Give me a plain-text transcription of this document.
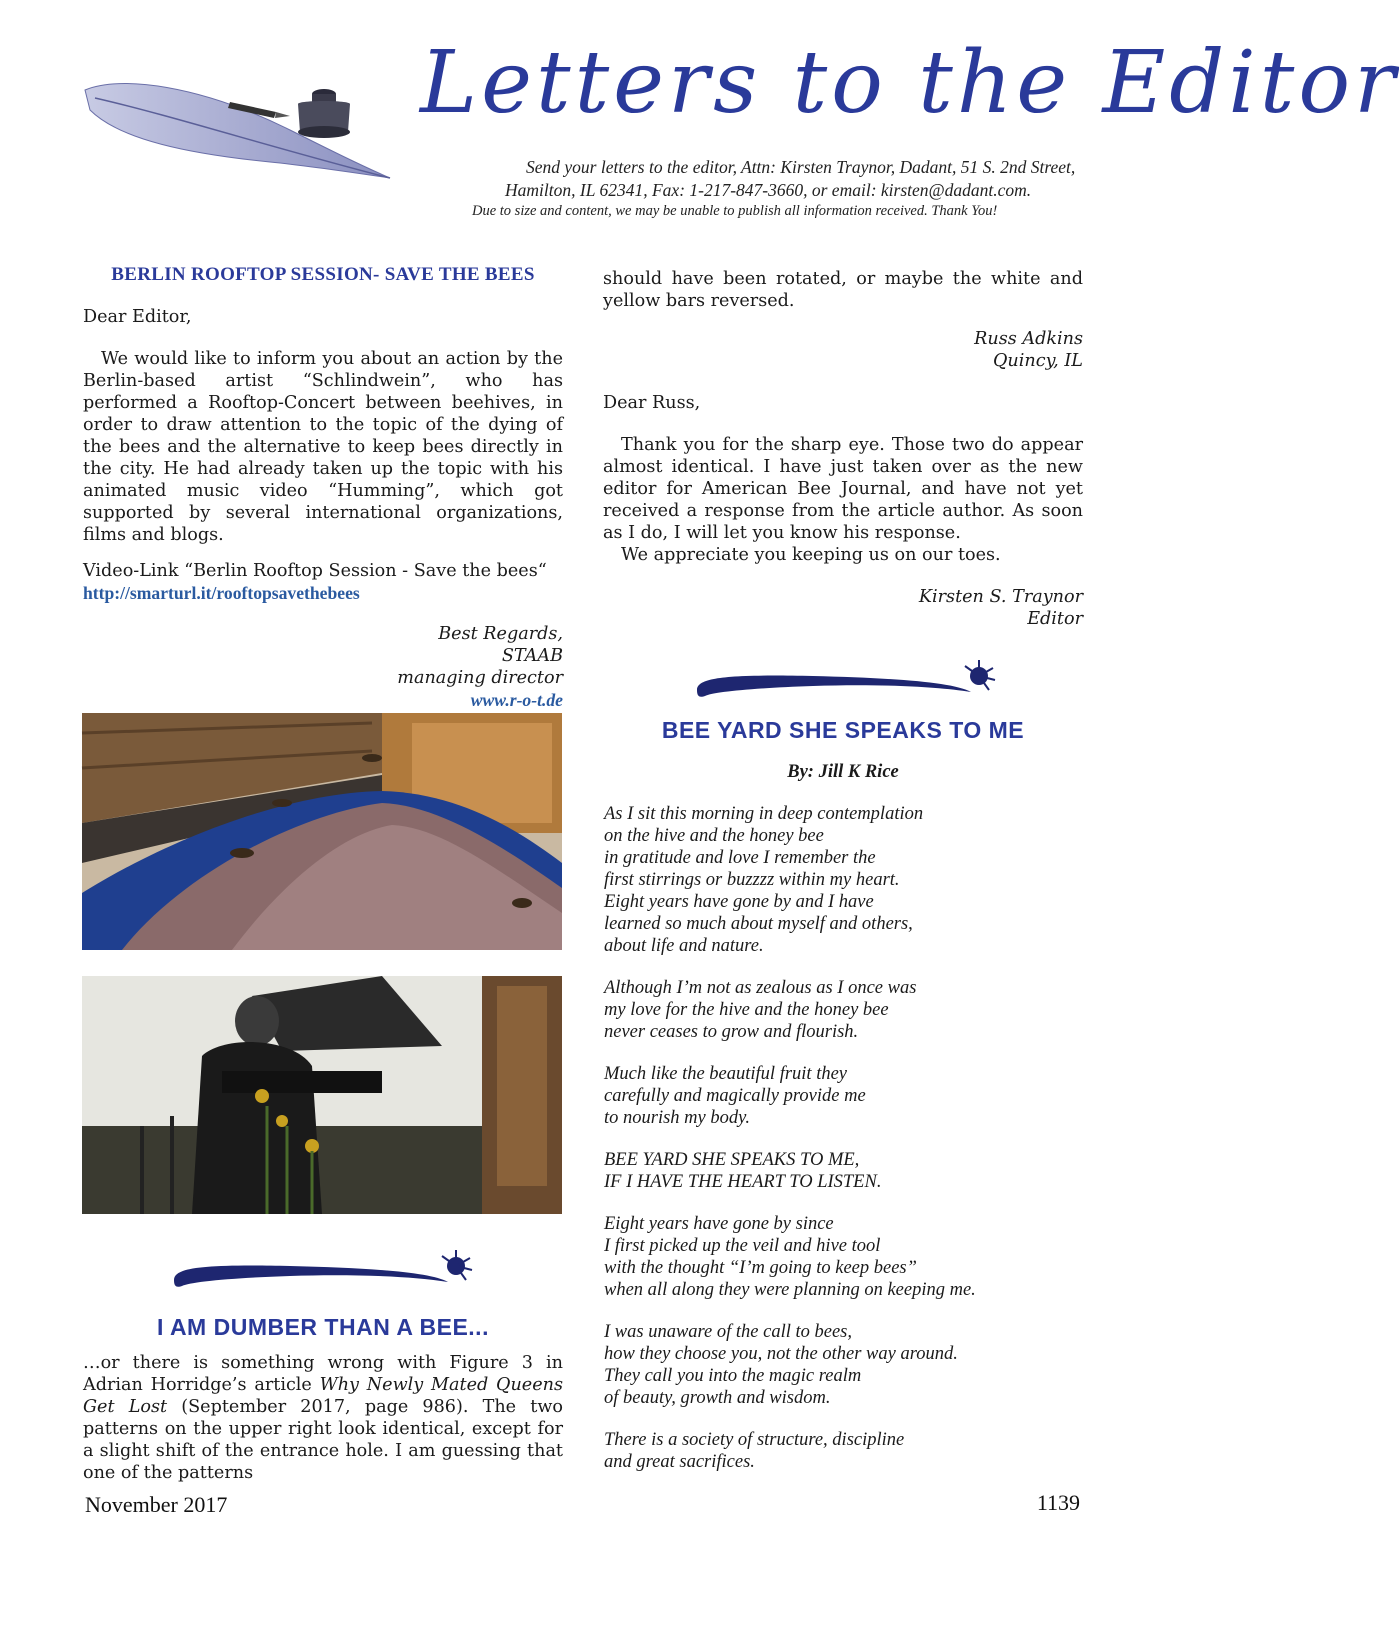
Letters to the Editor
Send your letters to the editor, Attn: Kirsten Traynor, Dadant, 51 S. 2nd Street,
Hamilton, IL 62341, Fax: 1-217-847-3660, or email: kirsten@dadant.com.
Due to size and content, we may be unable to publish all information received. Thank You!
BERLIN ROOFTOP SESSION- SAVE THE BEES

Dear Editor,

We would like to inform you about an action by the Berlin-based artist “Schlindwein”, who has performed a Rooftop-Concert between beehives, in order to draw attention to the topic of the dying of the bees and the alternative to keep bees directly in the city. He had already taken up the topic with his animated music video “Humming”, which got supported by several international organizations, films and blogs.

Video-Link “Berlin Rooftop Session - Save the bees“

http://smarturl.it/rooftopsavethebees

Best Regards,
STAAB
managing director
www.r-o-t.de
I AM DUMBER THAN A BEE...

…or there is something wrong with Figure 3 in Adrian Horridge’s article Why Newly Mated Queens Get Lost (September 2017, page 986). The two patterns on the upper right look identical, except for a slight shift of the entrance hole. I am guessing that one of the patterns

should have been rotated, or maybe the white and yellow bars reversed.

Russ Adkins
Quincy, IL

Dear Russ,

Thank you for the sharp eye. Those two do appear almost identical. I have just taken over as the new editor for American Bee Journal, and have not yet received a response from the article author. As soon as I do, I will let you know his response.

We appreciate you keeping us on our toes.

Kirsten S. Traynor
Editor
BEE YARD SHE SPEAKS TO ME
By: Jill K Rice
As I sit this morning in deep contemplation
on the hive and the honey bee
in gratitude and love I remember the
first stirrings or buzzzz within my heart.
Eight years have gone by and I have
learned so much about myself and others,
about life and nature.
Although I’m not as zealous as I once was
my love for the hive and the honey bee
never ceases to grow and flourish.
Much like the beautiful fruit they
carefully and magically provide me
to nourish my body.
BEE YARD SHE SPEAKS TO ME,
IF I HAVE THE HEART TO LISTEN.
Eight years have gone by since
I first picked up the veil and hive tool
with the thought “I’m going to keep bees”
when all along they were planning on keeping me.
I was unaware of the call to bees,
how they choose you, not the other way around.
They call you into the magic realm
of beauty, growth and wisdom.
There is a society of structure, discipline
and great sacrifices.
November 2017	1139
